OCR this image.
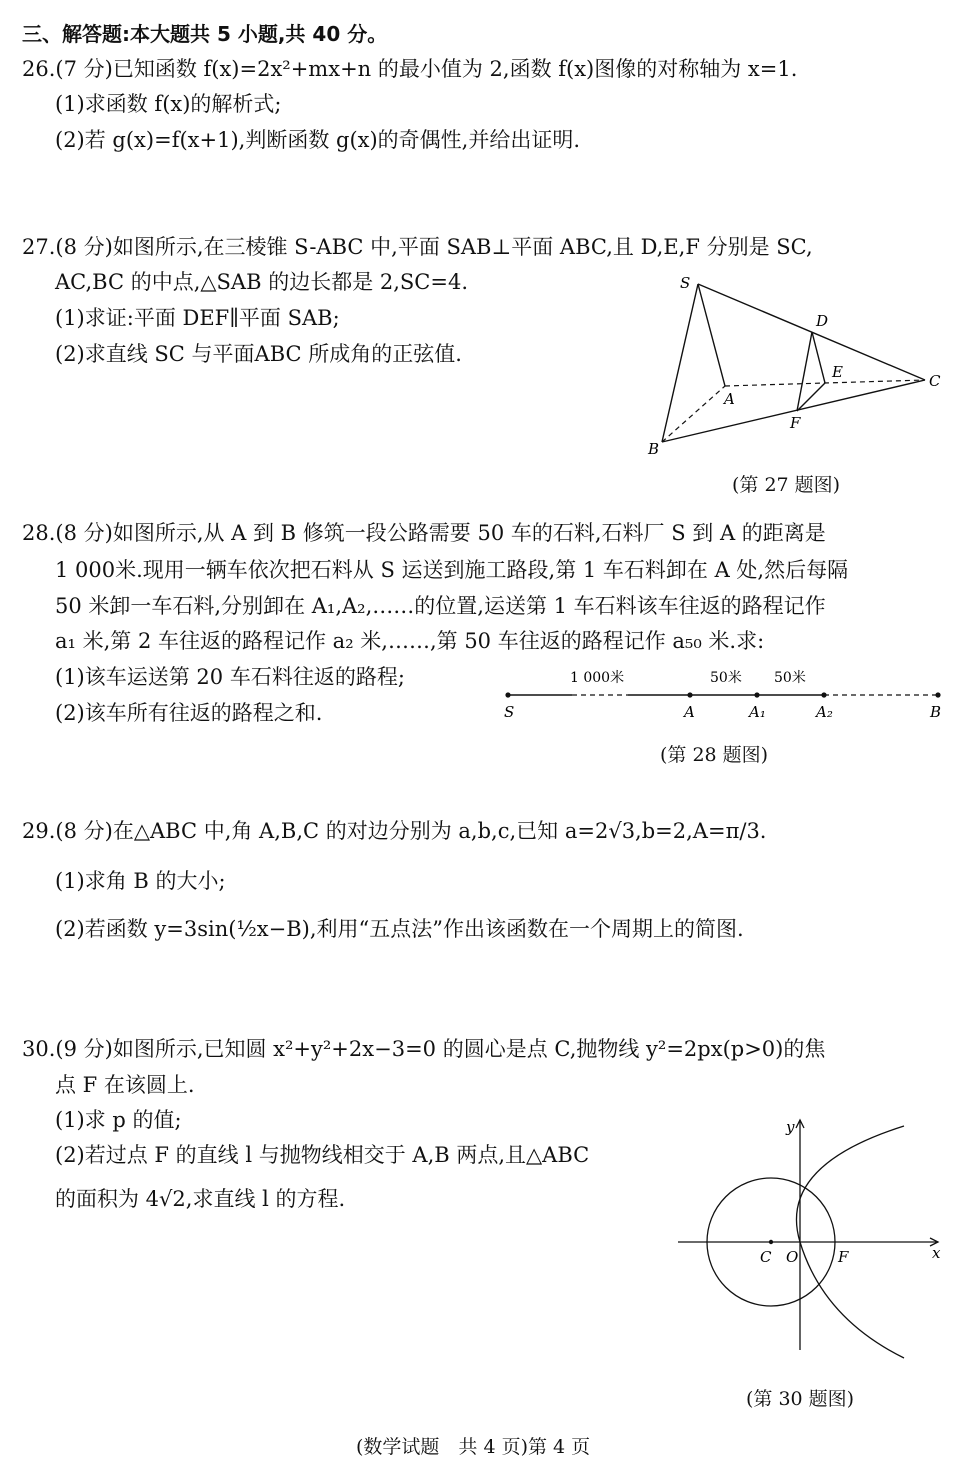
三、解答题:本大题共 5 小题,共 40 分。
26.(7 分)已知函数 f(x)=2x²+mx+n 的最小值为 2,函数 f(x)图像的对称轴为 x=1.
(1)求函数 f(x)的解析式;
(2)若 g(x)=f(x+1),判断函数 g(x)的奇偶性,并给出证明.
27.(8 分)如图所示,在三棱锥 S-ABC 中,平面 SAB⊥平面 ABC,且 D,E,F 分别是 SC,
AC,BC 的中点,△SAB 的边长都是 2,SC=4.
(1)求证:平面 DEF∥平面 SAB;
(2)求直线 SC 与平面ABC 所成角的正弦值.
S
D
E
A
C
F
B
(第 27 题图)
28.(8 分)如图所示,从 A 到 B 修筑一段公路需要 50 车的石料,石料厂 S 到 A 的距离是
1 000米.现用一辆车依次把石料从 S 运送到施工路段,第 1 车石料卸在 A 处,然后每隔
50 米卸一车石料,分别卸在 A₁,A₂,……的位置,运送第 1 车石料该车往返的路程记作
a₁ 米,第 2 车往返的路程记作 a₂ 米,……,第 50 车往返的路程记作 a₅₀ 米.求:
(1)该车运送第 20 车石料往返的路程;
(2)该车所有往返的路程之和.
1 000米	50米 50米
S	A	A₁	A₂	B
(第 28 题图)
29.(8 分)在△ABC 中,角 A,B,C 的对边分别为 a,b,c,已知 a=2√3,b=2,A=π/3.
(1)求角 B 的大小;
(2)若函数 y=3sin(½x−B),利用“五点法”作出该函数在一个周期上的简图.
30.(9 分)如图所示,已知圆 x²+y²+2x−3=0 的圆心是点 C,抛物线 y²=2px(p>0)的焦
点 F 在该圆上.
(1)求 p 的值;
(2)若过点 F 的直线 l 与抛物线相交于 A,B 两点,且△ABC
的面积为 4√2,求直线 l 的方程.
y
x
C O	F
(第 30 题图)
(数学试题　共 4 页)第 4 页
